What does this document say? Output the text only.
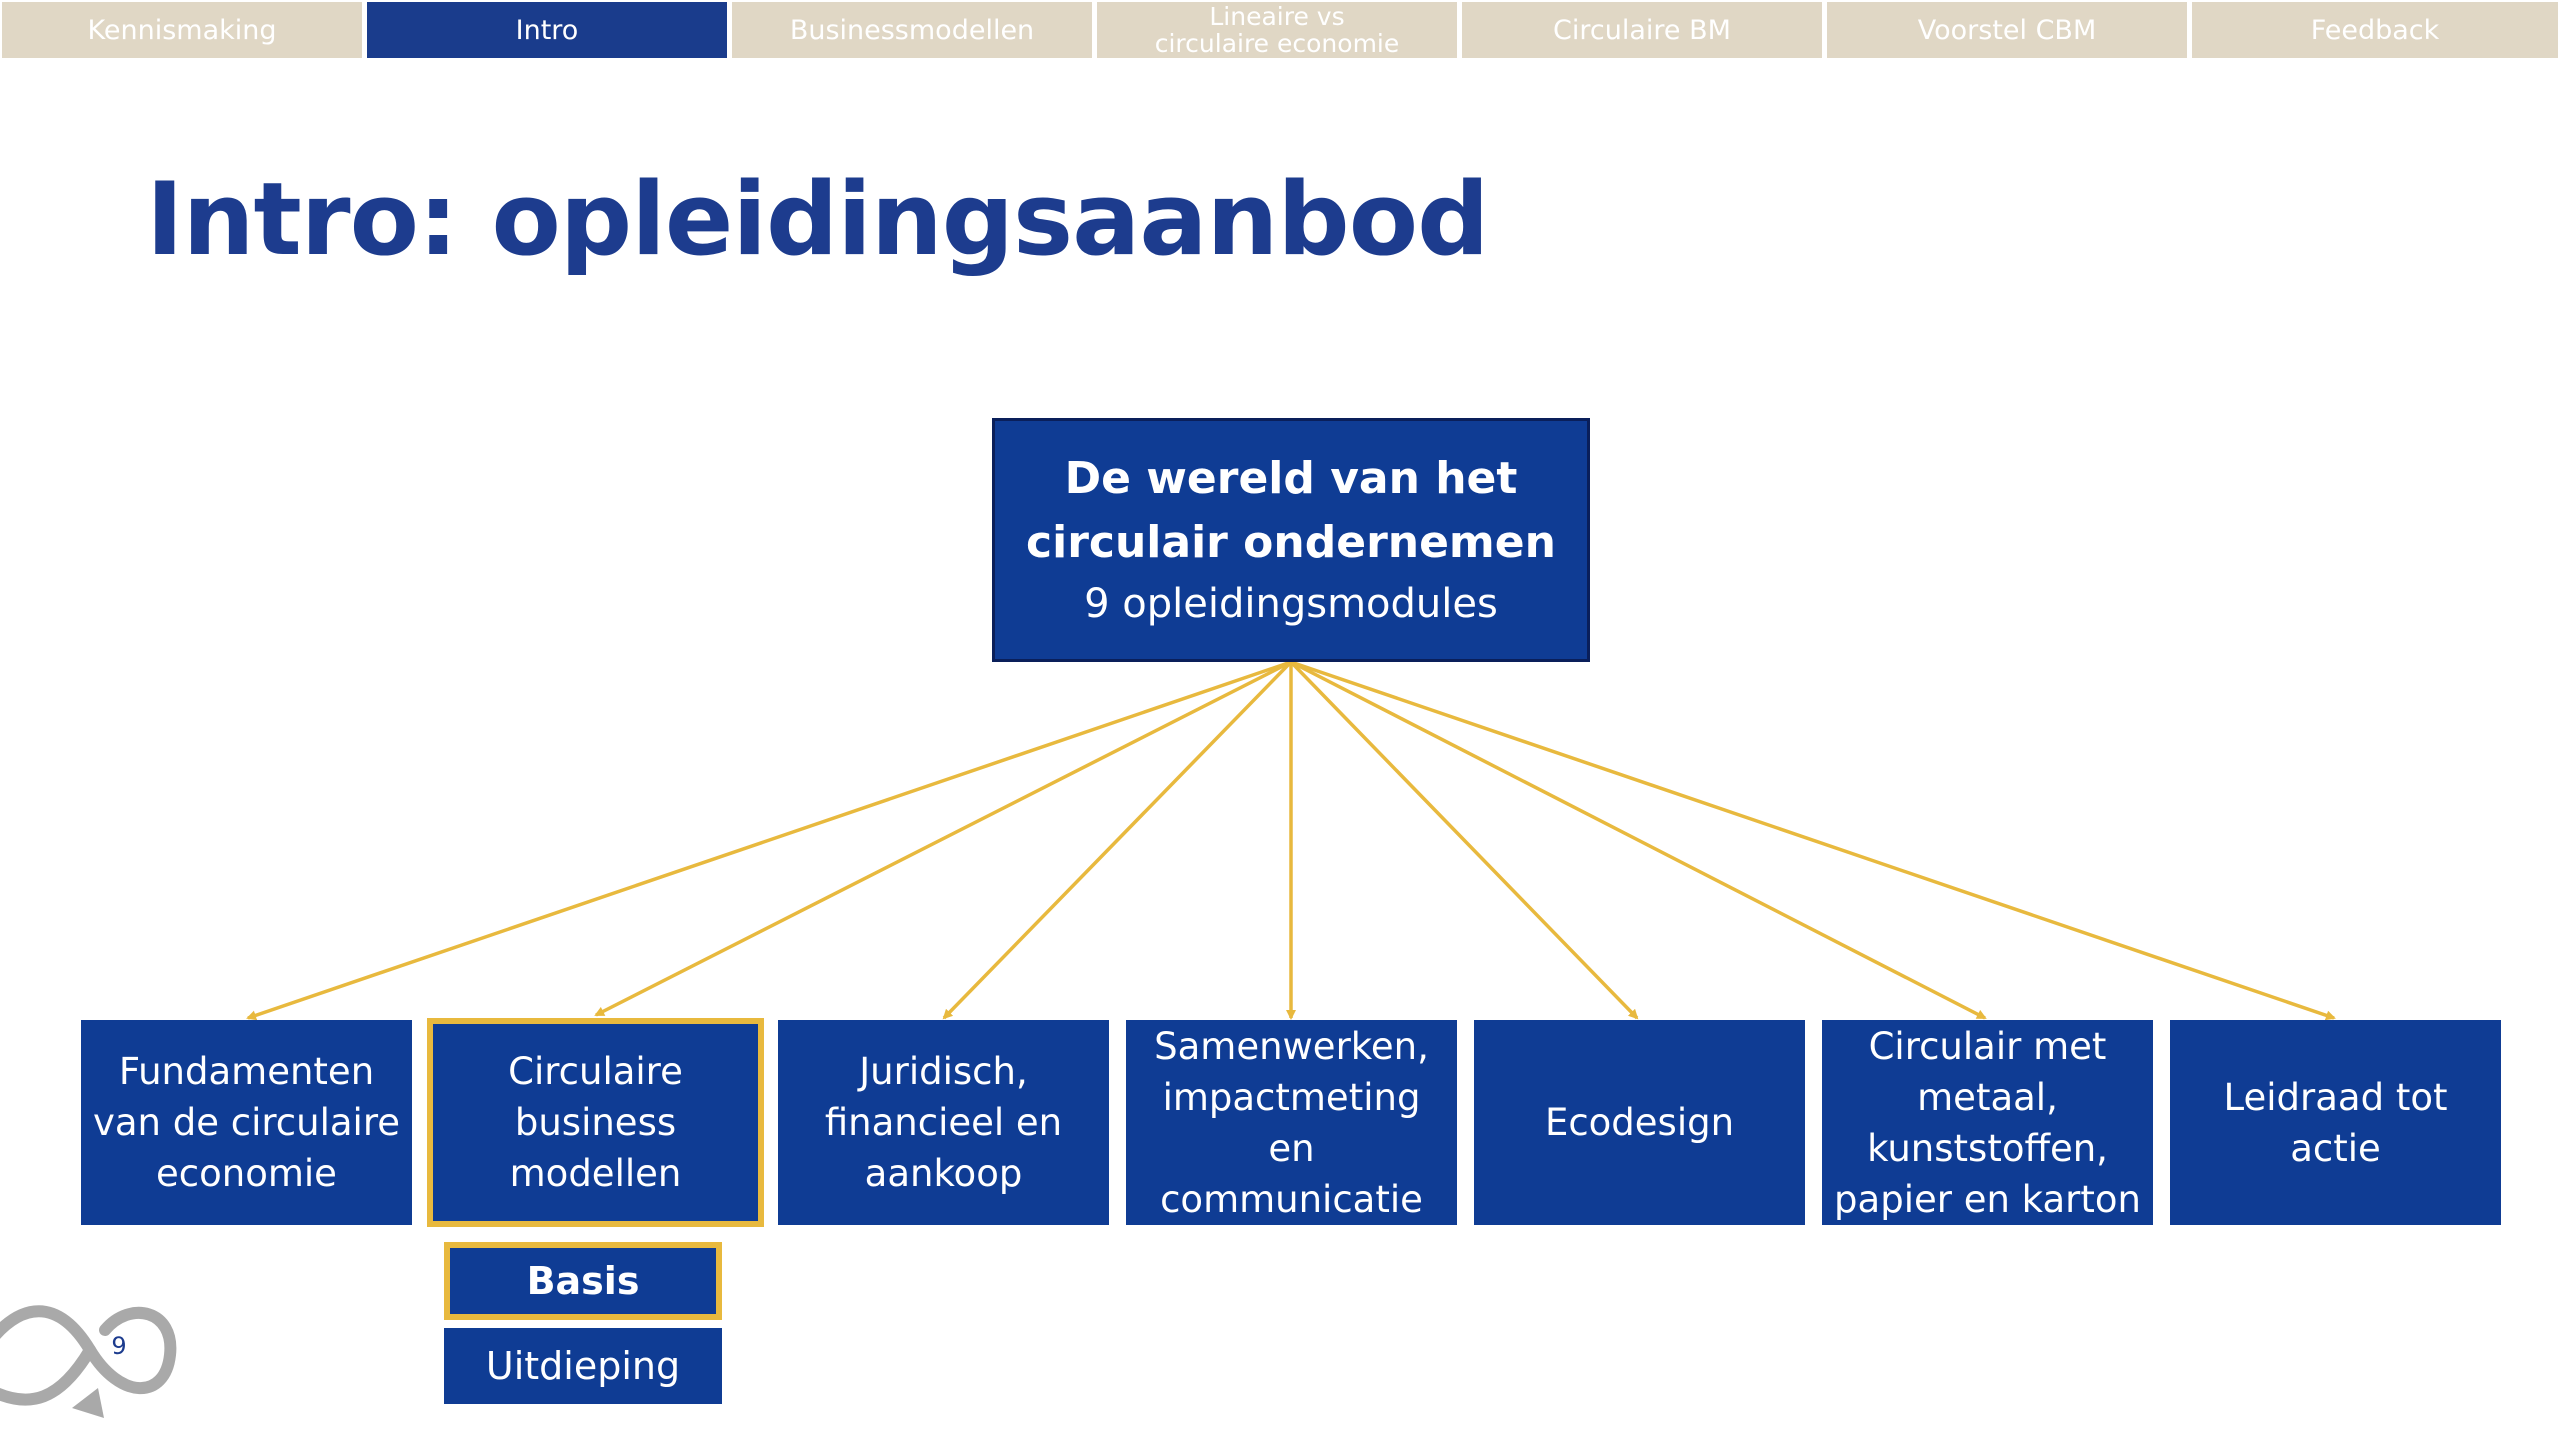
Kennismaking	Intro	Businessmodellen	Lineaire vs
circulaire economie	Circulaire BM	Voorstel CBM	Feedback
Intro: opleidingsaanbod
De wereld van het
circulair ondernemen
9 opleidingsmodules
Fundamenten
van de circulaire
economie
Circulaire
business
modellen
Juridisch,
financieel en
aankoop
Samenwerken,
impactmeting
en
communicatie
Ecodesign
Circulair met
metaal,
kunststoffen,
papier en karton
Leidraad tot
actie
Basis
Uitdieping
9
